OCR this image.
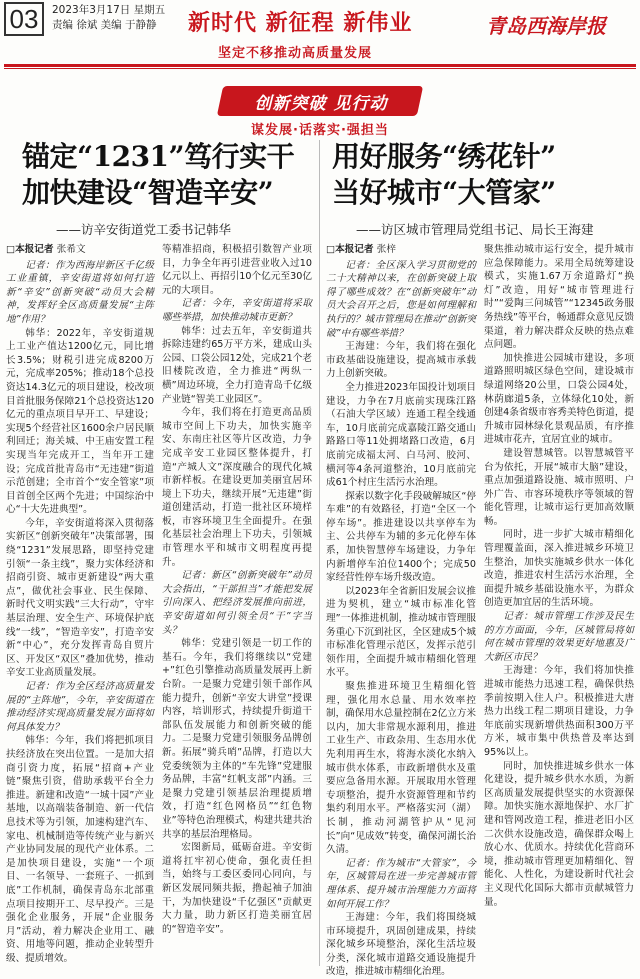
03	2023年3月17日 星期五
责编 徐斌 美编 于静静	新时代 新征程 新伟业
坚定不移推动高质量发展
青岛西海岸报
创新突破 见行动
谋发展·话落实·强担当
锚定“1231”笃行实干
加快建设“智造辛安”
——访辛安街道党工委书记韩华
□本报记者 张希文

记者：作为西海岸新区千亿级工业重镇，辛安街道将如何打造新“辛安”创新突破“动员大会精神，发挥好全区高质量发展“主阵地”作用？

韩华：2022年，辛安街道规上工业产值达1200亿元，同比增长3.5%；财税引进完成8200万元，完成率205%；推动18个总投资达14.3亿元的项目建设，校改项目首批服务保障21个总投资达120亿元的重点项目早开工、早建设；实现5个经营社区1600余户居民顺利回迁；海关城、中王庙安置工程实现当年完成开工，当年开工建设；完成首批青岛市“无违建”街道示范创建；全市首个“安全管家”项目首创全区两个先进；中国综治中心“十大先进典型”。

今年，辛安街道将深入贯彻落实新区“创新突破年”决策部署，围绕“1231”发展思路，即坚持党建引领“一条主线”，聚力实体经济和招商引资、城市更新建设“两大重点”，做优社会事业、民生保障、新时代文明实践“三大行动”，守牢基层治理、安全生产、环境保护底线“一线”，“智造辛安”，打造辛安新“中心”，充分发挥青岛自贸片区、开发区“双区”叠加优势，推动辛安工业高质量发展。

记者：作为全区经济高质量发展的“主阵地”，今年，辛安街道在推动经济实现高质量发展方面将如何具体发力？

韩华：今年，我们将把抓项目扶经济放在突出位置。一是加大招商引资力度，拓展“招商+产业链”聚焦引资，借助承载平台全力推进。新建和改造“一城十园”产业基地，以高端装备制造、新一代信息技术等为引领，加速构建汽车、家电、机械制造等传统产业与新兴产业协同发展的现代产业体系。二是加快项目建设，实施“一个项目、一名领导、一套班子、一抓到底”工作机制，确保青岛东北部重点项目按期开工、尽早投产。三是强化企业服务，开展“企业服务月”活动，着力解决企业用工、融资、用地等问题，推动企业转型升级、提质增效。

等精准招商，积极招引数智产业项目，力争全年再引进营业收入过10亿元以上、再招引10个亿元至30亿元的大项目。

记者：今年，辛安街道将采取哪些举措，加快推动城市更新？

韩华：过去五年，辛安街道共拆除违建约65万平方米，建成山头公园、口袋公园12处，完成21个老旧楼院改造，全力推进“两纵一横”周边环境，全力打造青岛千亿级产业链“智美工业园区”。

今年，我们将在打造更高品质城市空间上下功夫，加快实施辛安、东南庄社区等片区改造，力争完成辛安工业园区整体提升，打造“产城人文”深度融合的现代化城市新样板。在建设更加美丽宜居环境上下功夫，继续开展“无违建”街道创建活动，打造一批社区环境样板，市容环境卫生全面提升。在强化基层社会治理上下功夫，引领城市管理水平和城市文明程度再提升。

记者：新区“创新突破年”动员大会指出，“干部担当”才能把发展引向深入、把经济发展推向前进，辛安街道如何引领全员“干”字当头？

韩华：党建引领是一切工作的基石。今年，我们将继续以“党建+”红色引擎推动高质量发展再上新台阶。一是聚力党建引领千部作风能力提升，创新“辛安大讲堂”授课内容，培训形式，持续提升街道干部队伍发展能力和创新突破的能力。二是聚力党建引领服务品牌创新。拓展“骑兵哨”品牌，打造以大党委统领为主体的“车先锋”党建服务品牌，丰富“红帆支部”内涵。三是聚力党建引领基层治理提质增效，打造“红色网格员”“红色物业”等特色治理模式，构建共建共治共享的基层治理格局。

宏图新局，砥砺奋进。辛安街道将扛牢初心使命，强化责任担当，始终与工委区委同心同向，与新区发展同频共振，撸起袖子加油干，为加快建设“千亿强区”贡献更大力量，助力新区打造美丽宜居的“智造辛安”。

用好服务“绣花针”
当好城市“大管家”
——访区城市管理局党组书记、局长王海建
□本报记者 张梓

记者：全区深入学习贯彻党的二十大精神以来，在创新突破上取得了哪些成效？在“创新突破年”动员大会召开之后，您是如何理解和执行的？城市管理局在推动“创新突破”中有哪些举措？

王海建：今年，我们将在强化市政基础设施建设，提高城市承载力上创新突破。

全力推进2023年国投计划项目建设，力争在7月底前实现珠江路（石油大学区域）连通工程全线通车，10月底前完成嘉陵江路交通山路路口等11处拥堵路口改造，6月底前完成福太河、白马河、胶河、横河等4条河道整治，10月底前完成61个村庄生活污水治理。

探索以数字化手段破解城区“停车难”的有效路径，打造“全区一个停车场”。推进建设以共享停车为主、公共停车为辅的多元化停车体系，加快智慧停车场建设，力争年内新增停车泊位1400个；完成50家经营性停车场升级改造。

以2023年全省新旧发展会议推进为契机，建立“城市标准化管理”一体推进机制，推动城市管理服务重心下沉到社区，全区建成5个城市标准化管理示范区，发挥示范引领作用，全面提升城市精细化管理水平。

聚焦推进环境卫生精细化管理，强化用水总量、用水效率控制，确保用水总量控制在2亿立方米以内，加大非常规水源利用，推进工业生产、市政杂用、生态用水优先利用再生水，将海水淡化水纳入城市供水体系，市政新增供水及重要应急备用水源。开展取用水管理专项整治，提升水资源管理和节约集约利用水平。严格落实河（湖）长制，推动河湖管护从“见河长”向“见成效”转变，确保河湖长治久清。

记者：作为城市“大管家”，今年，区城管局在进一步完善城市管理体系、提升城市治理能力方面将如何开展工作？

王海建：今年，我们将围绕城市环境提升，巩固创建成果，持续深化城乡环境整治，深化生活垃圾分类，深化城市道路交通设施提升改造，推进城市精细化治理。

聚焦推动城市运行安全，提升城市应急保障能力。采用全局统筹建设模式，实施1.67万余道路灯“换灯”改造，用好“城市管理进行时”“爱陶三问城管”“12345政务服务热线”等平台，畅通群众意见反馈渠道，着力解决群众反映的热点难点问题。

加快推进公园城市建设，多项道路照明城区绿色空间，建设城市绿道网络20公里，口袋公园4处，林荫廊道5条，立体绿化10处，新创建4条省级市容秀美特色街道，提升城市园林绿化景观品质，有序推进城市花卉，宜居宜业的城市。

建设智慧城管。以智慧城管平台为依托，开展“城市大脑”建设，重点加强道路设施、城市照明、户外广告、市容环境秩序等领域的智能化管理，让城市运行更加高效顺畅。

同时，进一步扩大城市精细化管理覆盖面，深入推进城乡环境卫生整治，加快实施城乡供水一体化改造，推进农村生活污水治理，全面提升城乡基础设施水平，为群众创造更加宜居的生活环境。

记者：城市管理工作涉及民生的方方面面，今年，区城管局将如何在城市管理的效果更好地惠及广大新区市民？

王海建：今年，我们将加快推进城市能热力迅速工程，确保供热季前按期入住人户。积极推进大唐热力出线工程二期项目建设，力争年底前实现新增供热面积300万平方米，城市集中供热普及率达到95%以上。

同时，加快推进城乡供水一体化建设，提升城乡供水水质，为新区高质量发展提供坚实的水资源保障。加快实施水源地保护、水厂扩建和管网改造工程，推进老旧小区二次供水设施改造，确保群众喝上放心水、优质水。持续优化营商环境，推动城市管理更加精细化、智能化、人性化，为建设新时代社会主义现代化国际大都市贡献城管力量。
